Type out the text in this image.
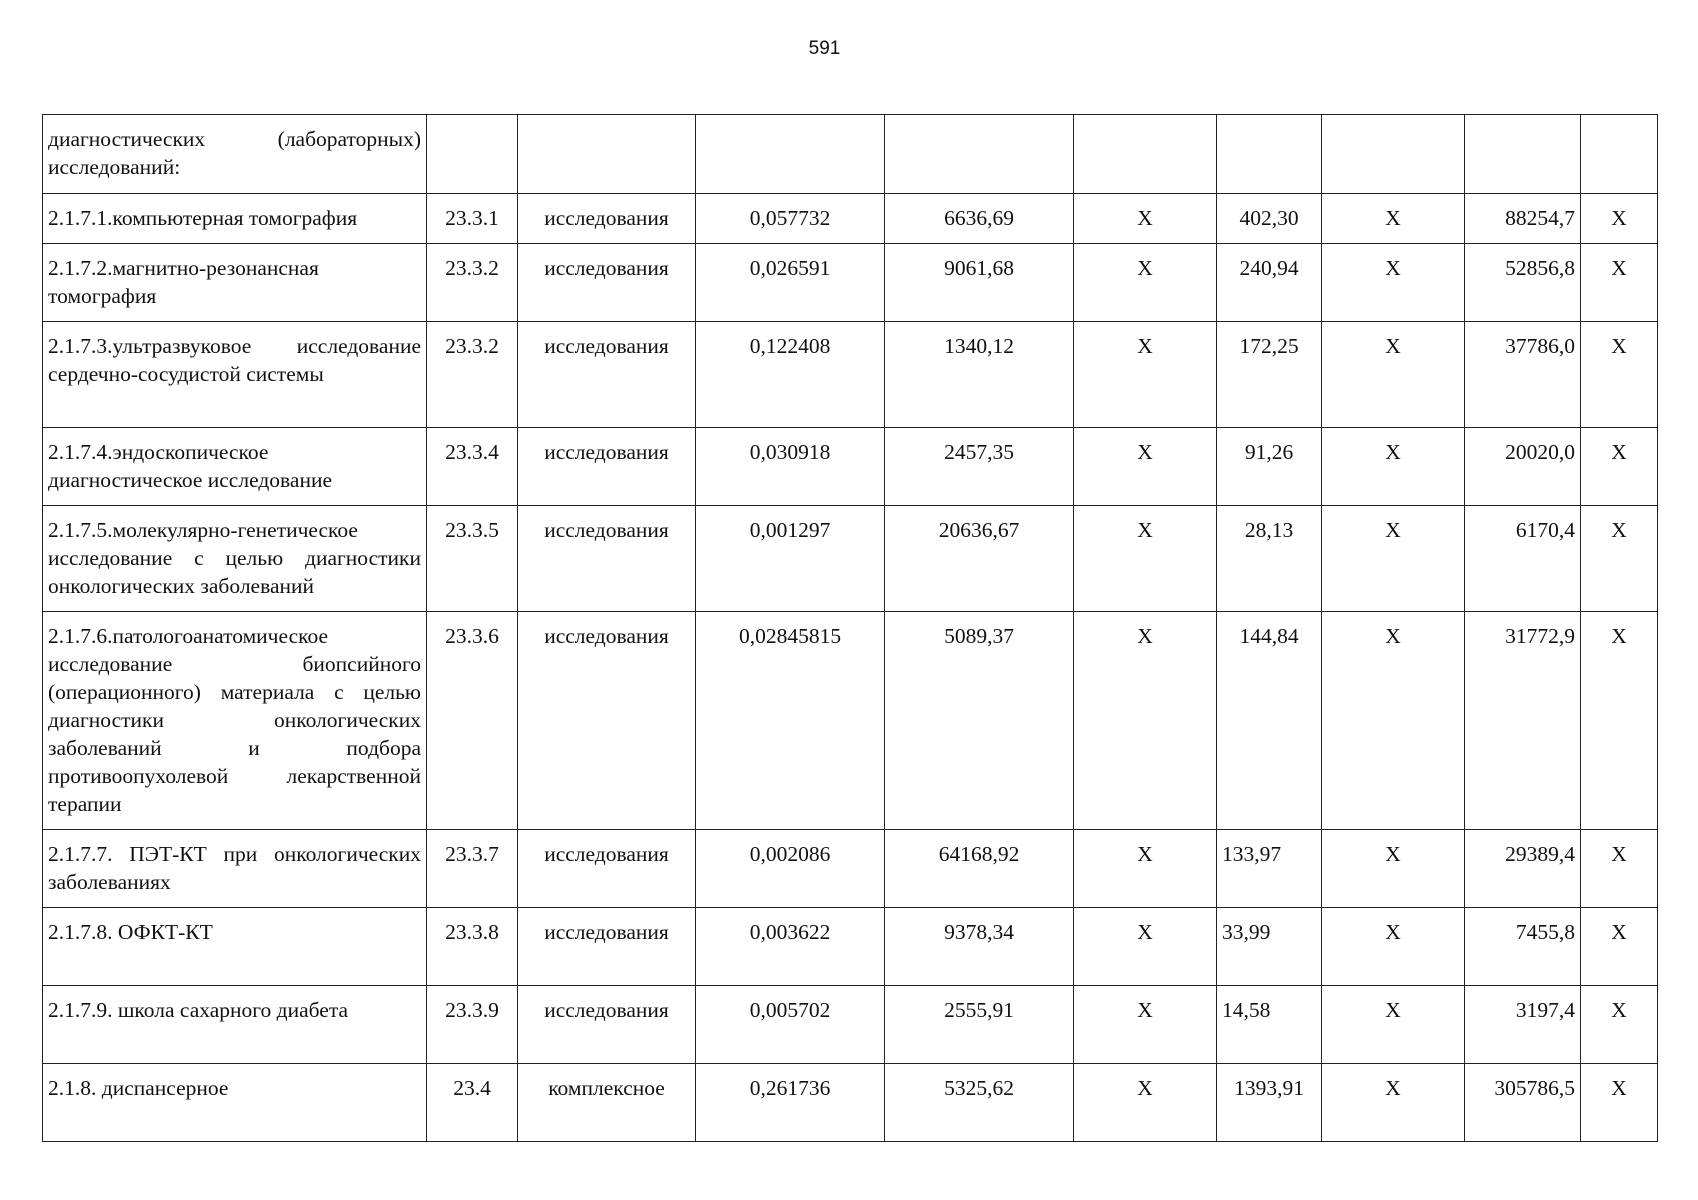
591
диагностических (лабораторных) исследований:									
2.1.7.1.компьютерная томография	23.3.1	исследования	0,057732	6636,69	X	402,30	X	88254,7	X
2.1.7.2.магнитно-резонансная томография	23.3.2	исследования	0,026591	9061,68	X	240,94	X	52856,8	X
2.1.7.3.ультразвуковое исследование сердечно-сосудистой системы	23.3.2	исследования	0,122408	1340,12	X	172,25	X	37786,0	X
2.1.7.4.эндоскопическое диагностическое исследование	23.3.4	исследования	0,030918	2457,35	X	91,26	X	20020,0	X
2.1.7.5.молекулярно-генетическое исследование с целью диагностики онкологических заболеваний	23.3.5	исследования	0,001297	20636,67	X	28,13	X	6170,4	X
2.1.7.6.патологоанатомическое исследование биопсийного (операционного) материала с целью диагностики онкологических заболеваний и подбора противоопухолевой лекарственной терапии	23.3.6	исследования	0,02845815	5089,37	X	144,84	X	31772,9	X
2.1.7.7. ПЭТ-КТ при онкологических заболеваниях	23.3.7	исследования	0,002086	64168,92	X	133,97	X	29389,4	X
2.1.7.8. ОФКТ-КТ	23.3.8	исследования	0,003622	9378,34	X	33,99	X	7455,8	X
2.1.7.9. школа сахарного диабета	23.3.9	исследования	0,005702	2555,91	X	14,58	X	3197,4	X
2.1.8. диспансерное	23.4	комплексное	0,261736	5325,62	X	1393,91	X	305786,5	X
